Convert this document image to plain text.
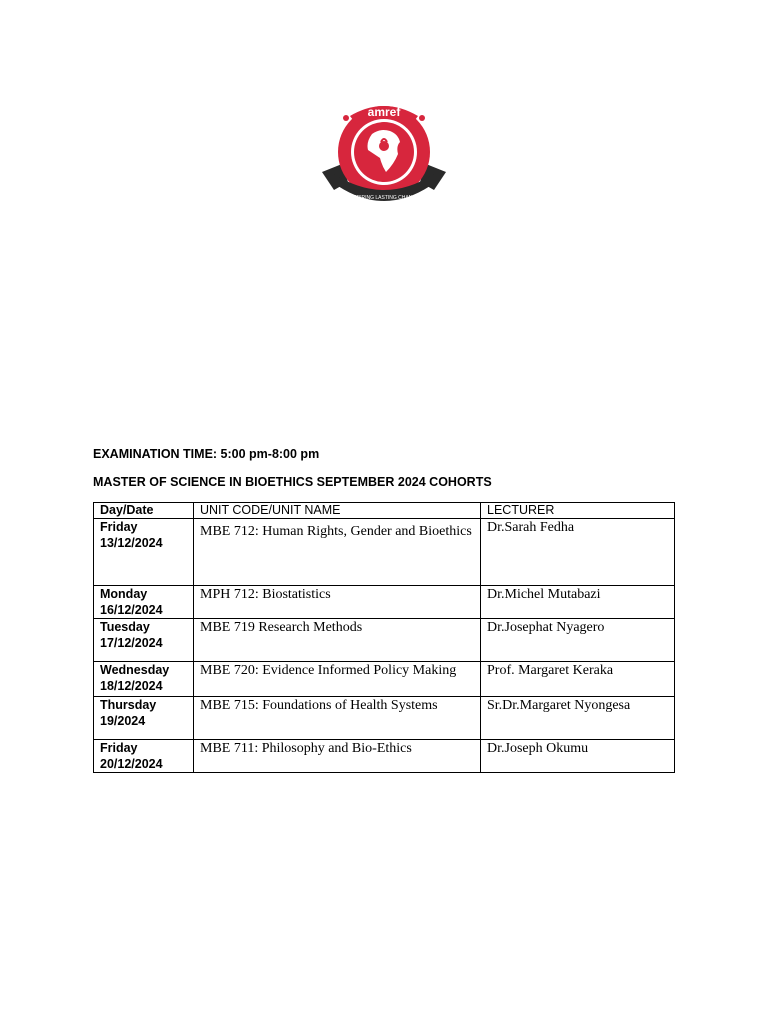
amref
INSPIRING LASTING CHANGE
EXAMINATION TIME: 5:00 pm-8:00 pm
MASTER OF SCIENCE IN BIOETHICS SEPTEMBER 2024 COHORTS
Day/Date	UNIT CODE/UNIT NAME	LECTURER

Friday
13/12/2024	MBE 712: Human Rights, Gender and Bioethics	Dr.Sarah Fedha

Monday
16/12/2024	MPH 712: Biostatistics	Dr.Michel Mutabazi

Tuesday
17/12/2024	MBE 719 Research Methods	Dr.Josephat Nyagero

Wednesday
18/12/2024	MBE 720: Evidence Informed Policy Making	Prof. Margaret Keraka

Thursday
19/2024	MBE 715: Foundations of Health Systems	Sr.Dr.Margaret Nyongesa

Friday
20/12/2024	MBE 711: Philosophy and Bio-Ethics	Dr.Joseph Okumu
